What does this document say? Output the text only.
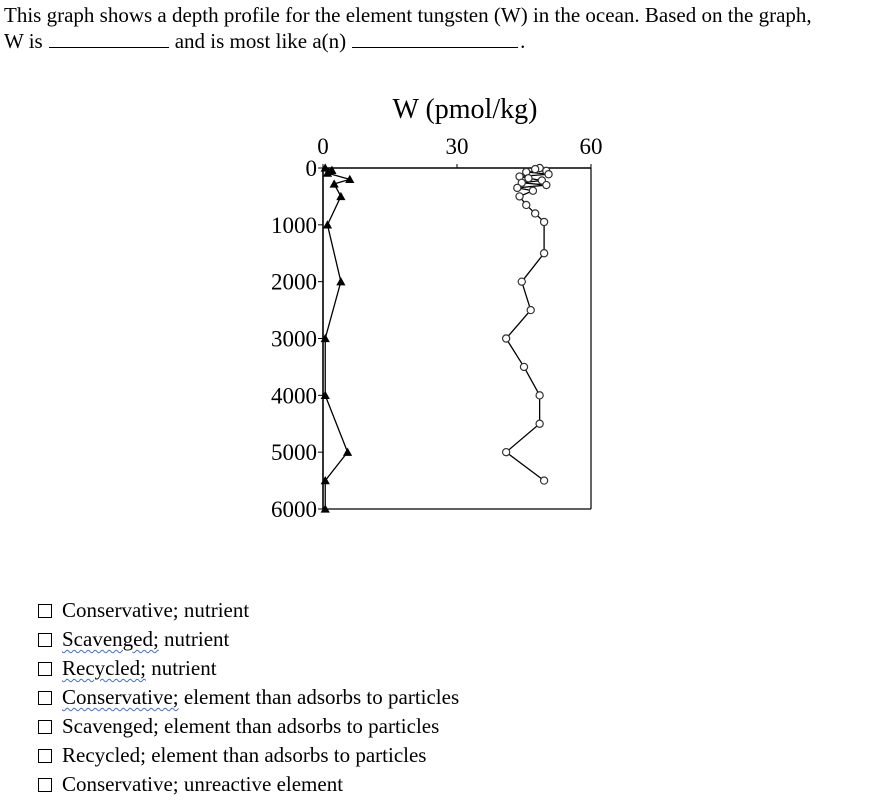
This graph shows a depth profile for the element tungsten (W) in the ocean. Based on the graph,
W is	and is most like a(n)	.

W (pmol/kg)
0	30	60
0
1000
2000
3000
4000
5000
6000
Conservative; nutrient
Scavenged; nutrient
Recycled; nutrient
Conservative; element than adsorbs to particles
Scavenged; element than adsorbs to particles
Recycled; element than adsorbs to particles
Conservative; unreactive element
